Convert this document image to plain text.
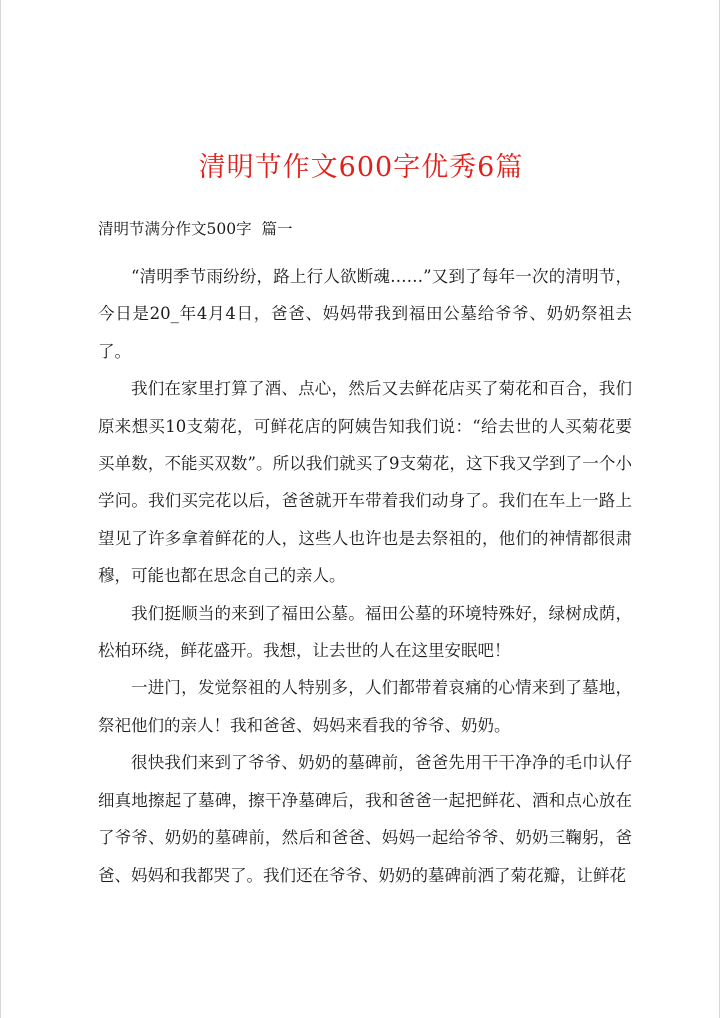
清明节作文600字优秀6篇
清明节满分作文500字  篇一

“清明季节雨纷纷，路上行人欲断魂……”又到了每年一次的清明节，今日是20_年4月4日，爸爸、妈妈带我到福田公墓给爷爷、奶奶祭祖去了。

我们在家里打算了酒、点心，然后又去鲜花店买了菊花和百合，我们原来想买10支菊花，可鲜花店的阿姨告知我们说：“给去世的人买菊花要买单数，不能买双数”。所以我们就买了9支菊花，这下我又学到了一个小学问。我们买完花以后，爸爸就开车带着我们动身了。我们在车上一路上望见了许多拿着鲜花的人，这些人也许也是去祭祖的，他们的神情都很肃穆，可能也都在思念自己的亲人。

我们挺顺当的来到了福田公墓。福田公墓的环境特殊好，绿树成荫，松柏环绕，鲜花盛开。我想，让去世的人在这里安眠吧！

一进门，发觉祭祖的人特别多，人们都带着哀痛的心情来到了墓地，祭祀他们的亲人！我和爸爸、妈妈来看我的爷爷、奶奶。

很快我们来到了爷爷、奶奶的墓碑前，爸爸先用干干净净的毛巾认仔细真地擦起了墓碑，擦干净墓碑后，我和爸爸一起把鲜花、酒和点心放在了爷爷、奶奶的墓碑前，然后和爸爸、妈妈一起给爷爷、奶奶三鞠躬，爸爸、妈妈和我都哭了。我们还在爷爷、奶奶的墓碑前洒了菊花瓣，让鲜花
